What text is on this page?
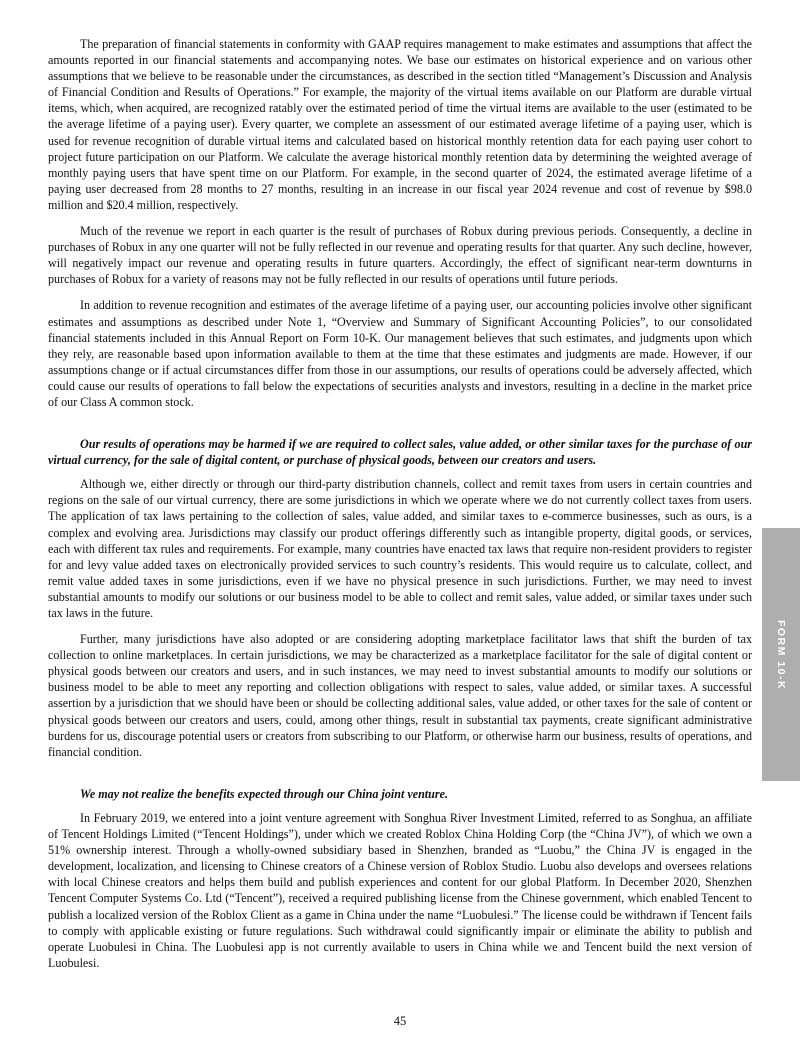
The preparation of financial statements in conformity with GAAP requires management to make estimates and assumptions that affect the amounts reported in our financial statements and accompanying notes. We base our estimates on historical experience and on various other assumptions that we believe to be reasonable under the circumstances, as described in the section titled “Management’s Discussion and Analysis of Financial Condition and Results of Operations.” For example, the majority of the virtual items available on our Platform are durable virtual items, which, when acquired, are recognized ratably over the estimated period of time the virtual items are available to the user (estimated to be the average lifetime of a paying user). Every quarter, we complete an assessment of our estimated average lifetime of a paying user, which is used for revenue recognition of durable virtual items and calculated based on historical monthly retention data for each paying user cohort to project future participation on our Platform. We calculate the average historical monthly retention data by determining the weighted average of monthly paying users that have spent time on our Platform. For example, in the second quarter of 2024, the estimated average lifetime of a paying user decreased from 28 months to 27 months, resulting in an increase in our fiscal year 2024 revenue and cost of revenue by $98.0 million and $20.4 million, respectively.

Much of the revenue we report in each quarter is the result of purchases of Robux during previous periods. Consequently, a decline in purchases of Robux in any one quarter will not be fully reflected in our revenue and operating results for that quarter. Any such decline, however, will negatively impact our revenue and operating results in future quarters. Accordingly, the effect of significant near-term downturns in purchases of Robux for a variety of reasons may not be fully reflected in our results of operations until future periods.

In addition to revenue recognition and estimates of the average lifetime of a paying user, our accounting policies involve other significant estimates and assumptions as described under Note 1, “Overview and Summary of Significant Accounting Policies”, to our consolidated financial statements included in this Annual Report on Form 10-K. Our management believes that such estimates, and judgments upon which they rely, are reasonable based upon information available to them at the time that these estimates and judgments are made. However, if our assumptions change or if actual circumstances differ from those in our assumptions, our results of operations could be adversely affected, which could cause our results of operations to fall below the expectations of securities analysts and investors, resulting in a decline in the market price of our Class A common stock.

Our results of operations may be harmed if we are required to collect sales, value added, or other similar taxes for the purchase of our virtual currency, for the sale of digital content, or purchase of physical goods, between our creators and users.

Although we, either directly or through our third-party distribution channels, collect and remit taxes from users in certain countries and regions on the sale of our virtual currency, there are some jurisdictions in which we operate where we do not currently collect taxes from users. The application of tax laws pertaining to the collection of sales, value added, and similar taxes to e-commerce businesses, such as ours, is a complex and evolving area. Jurisdictions may classify our product offerings differently such as intangible property, digital goods, or services, each with different tax rules and requirements. For example, many countries have enacted tax laws that require non-resident providers to register for and levy value added taxes on electronically provided services to such country’s residents. This would require us to calculate, collect, and remit value added taxes in some jurisdictions, even if we have no physical presence in such jurisdictions. Further, we may need to invest substantial amounts to modify our solutions or our business model to be able to collect and remit sales, value added, or similar taxes under such tax laws in the future.

Further, many jurisdictions have also adopted or are considering adopting marketplace facilitator laws that shift the burden of tax collection to online marketplaces. In certain jurisdictions, we may be characterized as a marketplace facilitator for the sale of digital content or physical goods between our creators and users, and in such instances, we may need to invest substantial amounts to modify our solutions or business model to be able to meet any reporting and collection obligations with respect to sales, value added, or similar taxes. A successful assertion by a jurisdiction that we should have been or should be collecting additional sales, value added, or other taxes for the sale of content or physical goods between our creators and users, could, among other things, result in substantial tax payments, create significant administrative burdens for us, discourage potential users or creators from subscribing to our Platform, or otherwise harm our business, results of operations, and financial condition.

We may not realize the benefits expected through our China joint venture.

In February 2019, we entered into a joint venture agreement with Songhua River Investment Limited, referred to as Songhua, an affiliate of Tencent Holdings Limited (“Tencent Holdings”), under which we created Roblox China Holding Corp (the “China JV”), of which we own a 51% ownership interest. Through a wholly-owned subsidiary based in Shenzhen, branded as “Luobu,” the China JV is engaged in the development, localization, and licensing to Chinese creators of a Chinese version of Roblox Studio. Luobu also develops and oversees relations with local Chinese creators and helps them build and publish experiences and content for our global Platform. In December 2020, Shenzhen Tencent Computer Systems Co. Ltd (“Tencent”), received a required publishing license from the Chinese government, which enabled Tencent to publish a localized version of the Roblox Client as a game in China under the name “Luobulesi.” The license could be withdrawn if Tencent fails to comply with applicable existing or future regulations. Such withdrawal could significantly impair or eliminate the ability to publish and operate Luobulesi in China. The Luobulesi app is not currently available to users in China while we and Tencent build the next version of Luobulesi.

45
FORM 10-K
